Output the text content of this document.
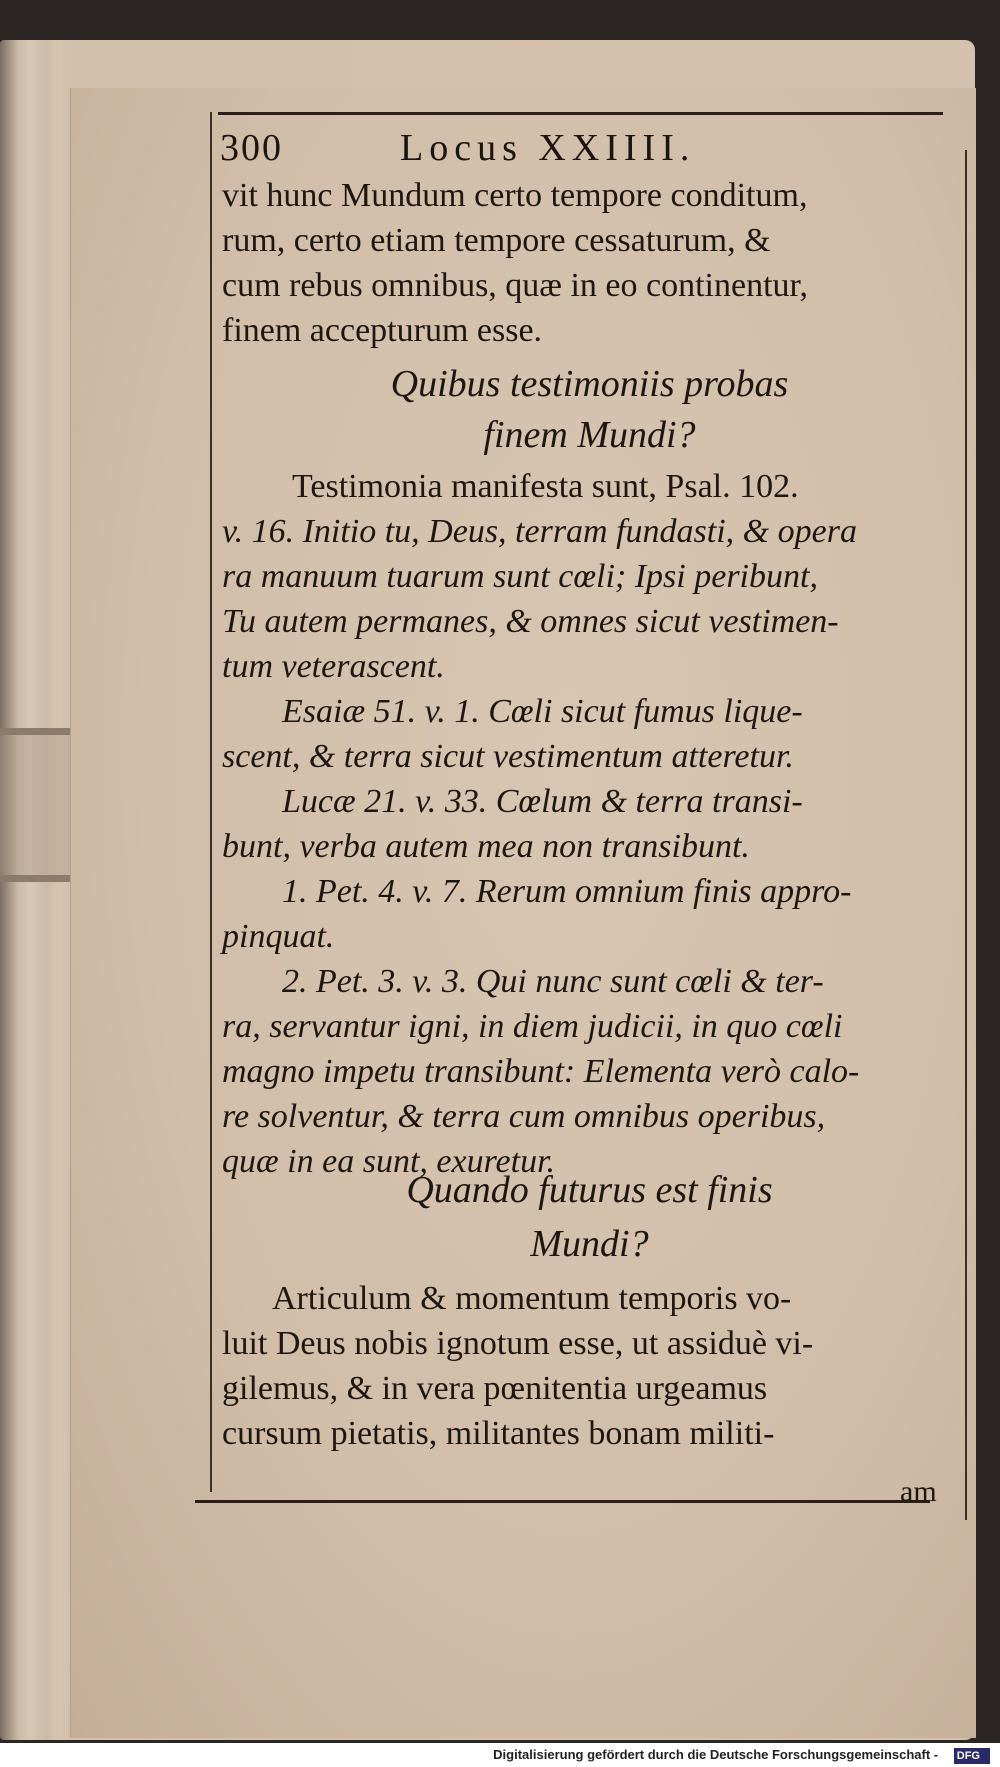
300	Locus XXIIII.
vit hunc Mundum certo tempore conditum,
rum, certo etiam tempore cessaturum, &
cum rebus omnibus, quæ in eo continentur,
finem accepturum esse.
Quibus testimoniis probas
finem Mundi?
Testimonia manifesta sunt, Psal. 102.
v. 16. Initio tu, Deus, terram fundasti, & opera
ra manuum tuarum sunt cœli; Ipsi peribunt,
Tu autem permanes, & omnes sicut vestimen-
tum veterascent.
Esaiæ 51. v. 1. Cœli sicut fumus lique-
scent, & terra sicut vestimentum atteretur.
Lucæ 21. v. 33. Cœlum & terra transi-
bunt, verba autem mea non transibunt.
1. Pet. 4. v. 7. Rerum omnium finis appro-
pinquat.
2. Pet. 3. v. 3. Qui nunc sunt cœli & ter-
ra, servantur igni, in diem judicii, in quo cœli
magno impetu transibunt: Elementa verò calo-
re solventur, & terra cum omnibus operibus,
quæ in ea sunt, exuretur.
Quando futurus est finis
Mundi?
Articulum & momentum temporis vo-
luit Deus nobis ignotum esse, ut assiduè vi-
gilemus, & in vera pœnitentia urgeamus
cursum pietatis, militantes bonam militi-
am
Digitalisierung gefördert durch die Deutsche Forschungsgemeinschaft - DFG
